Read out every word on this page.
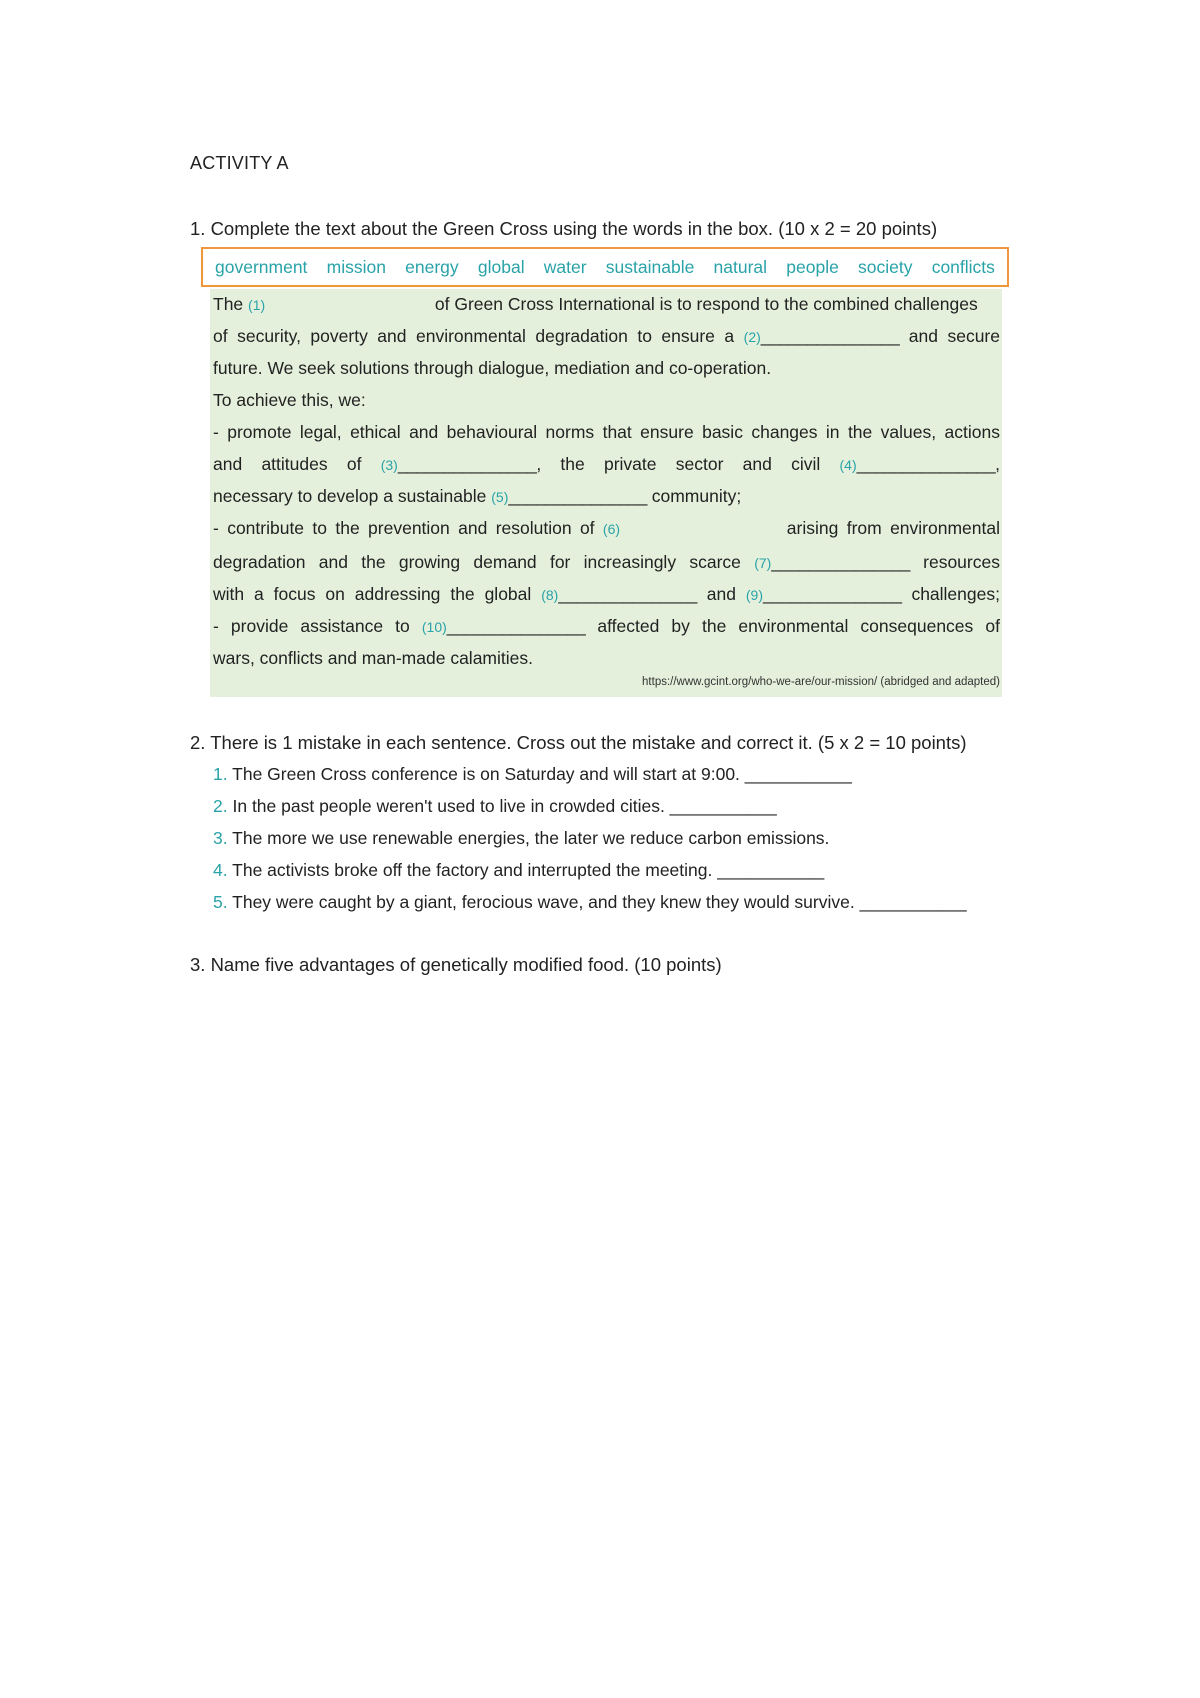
ACTIVITY A
1. Complete the text about the Green Cross using the words in the box. (10 x 2 = 20 points)
government mission energy global water sustainable natural people society conflicts
The (1)	of Green Cross International is to respond to the combined challenges
of security, poverty and environmental degradation to ensure a (2)_______________ and secure
future. We seek solutions through dialogue, mediation and co-operation.
To achieve this, we:
- promote legal, ethical and behavioural norms that ensure basic changes in the values, actions
and attitudes of (3)_______________, the private sector and civil (4)_______________,
necessary to develop a sustainable (5)_______________ community;
- contribute to the prevention and resolution of (6)	arising from environmental
degradation and the growing demand for increasingly scarce (7)_______________ resources
with a focus on addressing the global (8)_______________ and (9)_______________ challenges;
- provide assistance to (10)_______________ affected by the environmental consequences of
wars, conflicts and man-made calamities.
https://www.gcint.org/who-we-are/our-mission/ (abridged and adapted)
2. There is 1 mistake in each sentence. Cross out the mistake and correct it. (5 x 2 = 10 points)
1. The Green Cross conference is on Saturday and will start at 9:00. ___________
2. In the past people weren't used to live in crowded cities. ___________
3. The more we use renewable energies, the later we reduce carbon emissions.
4. The activists broke off the factory and interrupted the meeting. ___________
5. They were caught by a giant, ferocious wave, and they knew they would survive. ___________
3. Name five advantages of genetically modified food. (10 points)
